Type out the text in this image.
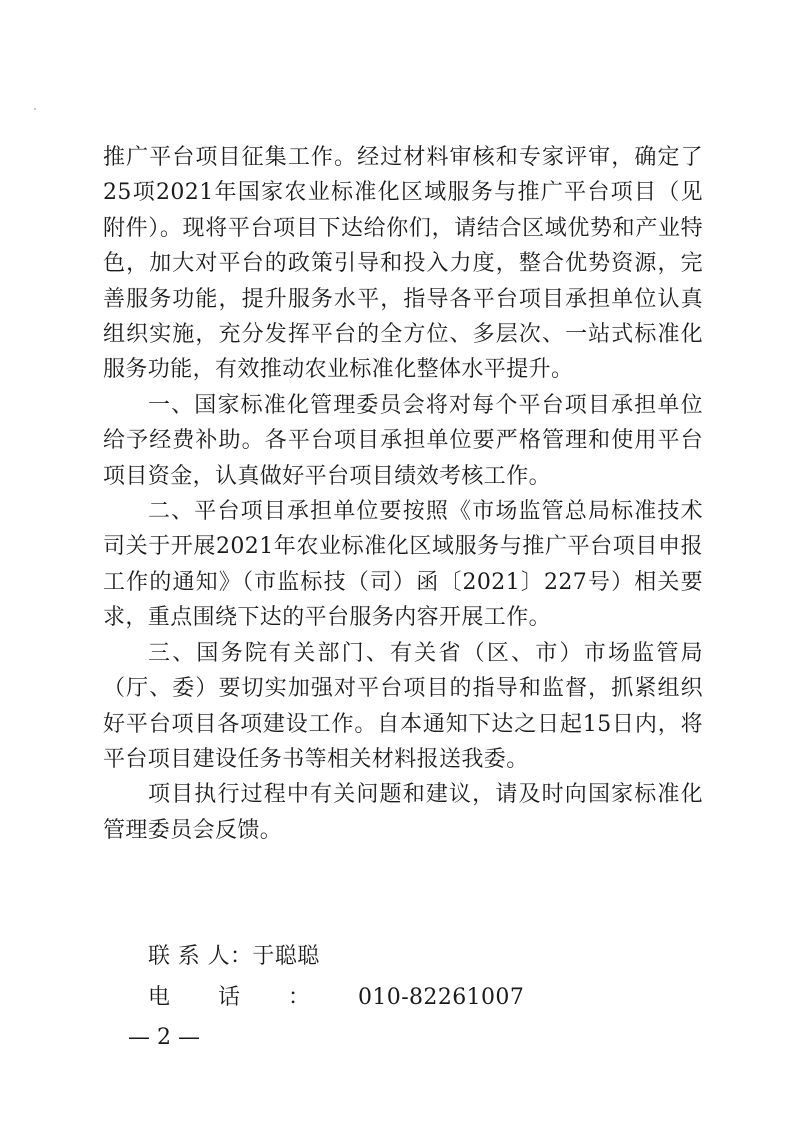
推广平台项目征集工作。经过材料审核和专家评审，确定了25项2021年国家农业标准化区域服务与推广平台项目（见附件）。现将平台项目下达给你们，请结合区域优势和产业特色，加大对平台的政策引导和投入力度，整合优势资源，完善服务功能，提升服务水平，指导各平台项目承担单位认真组织实施，充分发挥平台的全方位、多层次、一站式标准化服务功能，有效推动农业标准化整体水平提升。

一、国家标准化管理委员会将对每个平台项目承担单位给予经费补助。各平台项目承担单位要严格管理和使用平台项目资金，认真做好平台项目绩效考核工作。

二、平台项目承担单位要按照《市场监管总局标准技术司关于开展2021年农业标准化区域服务与推广平台项目申报工作的通知》（市监标技（司）函〔2021〕227号）相关要求，重点围绕下达的平台服务内容开展工作。

三、国务院有关部门、有关省（区、市）市场监管局（厅、委）要切实加强对平台项目的指导和监督，抓紧组织好平台项目各项建设工作。自本通知下达之日起15日内，将平台项目建设任务书等相关材料报送我委。

项目执行过程中有关问题和建议，请及时向国家标准化管理委员会反馈。

联 系 人：于聪聪
电话：010-82261007
— 2 —
